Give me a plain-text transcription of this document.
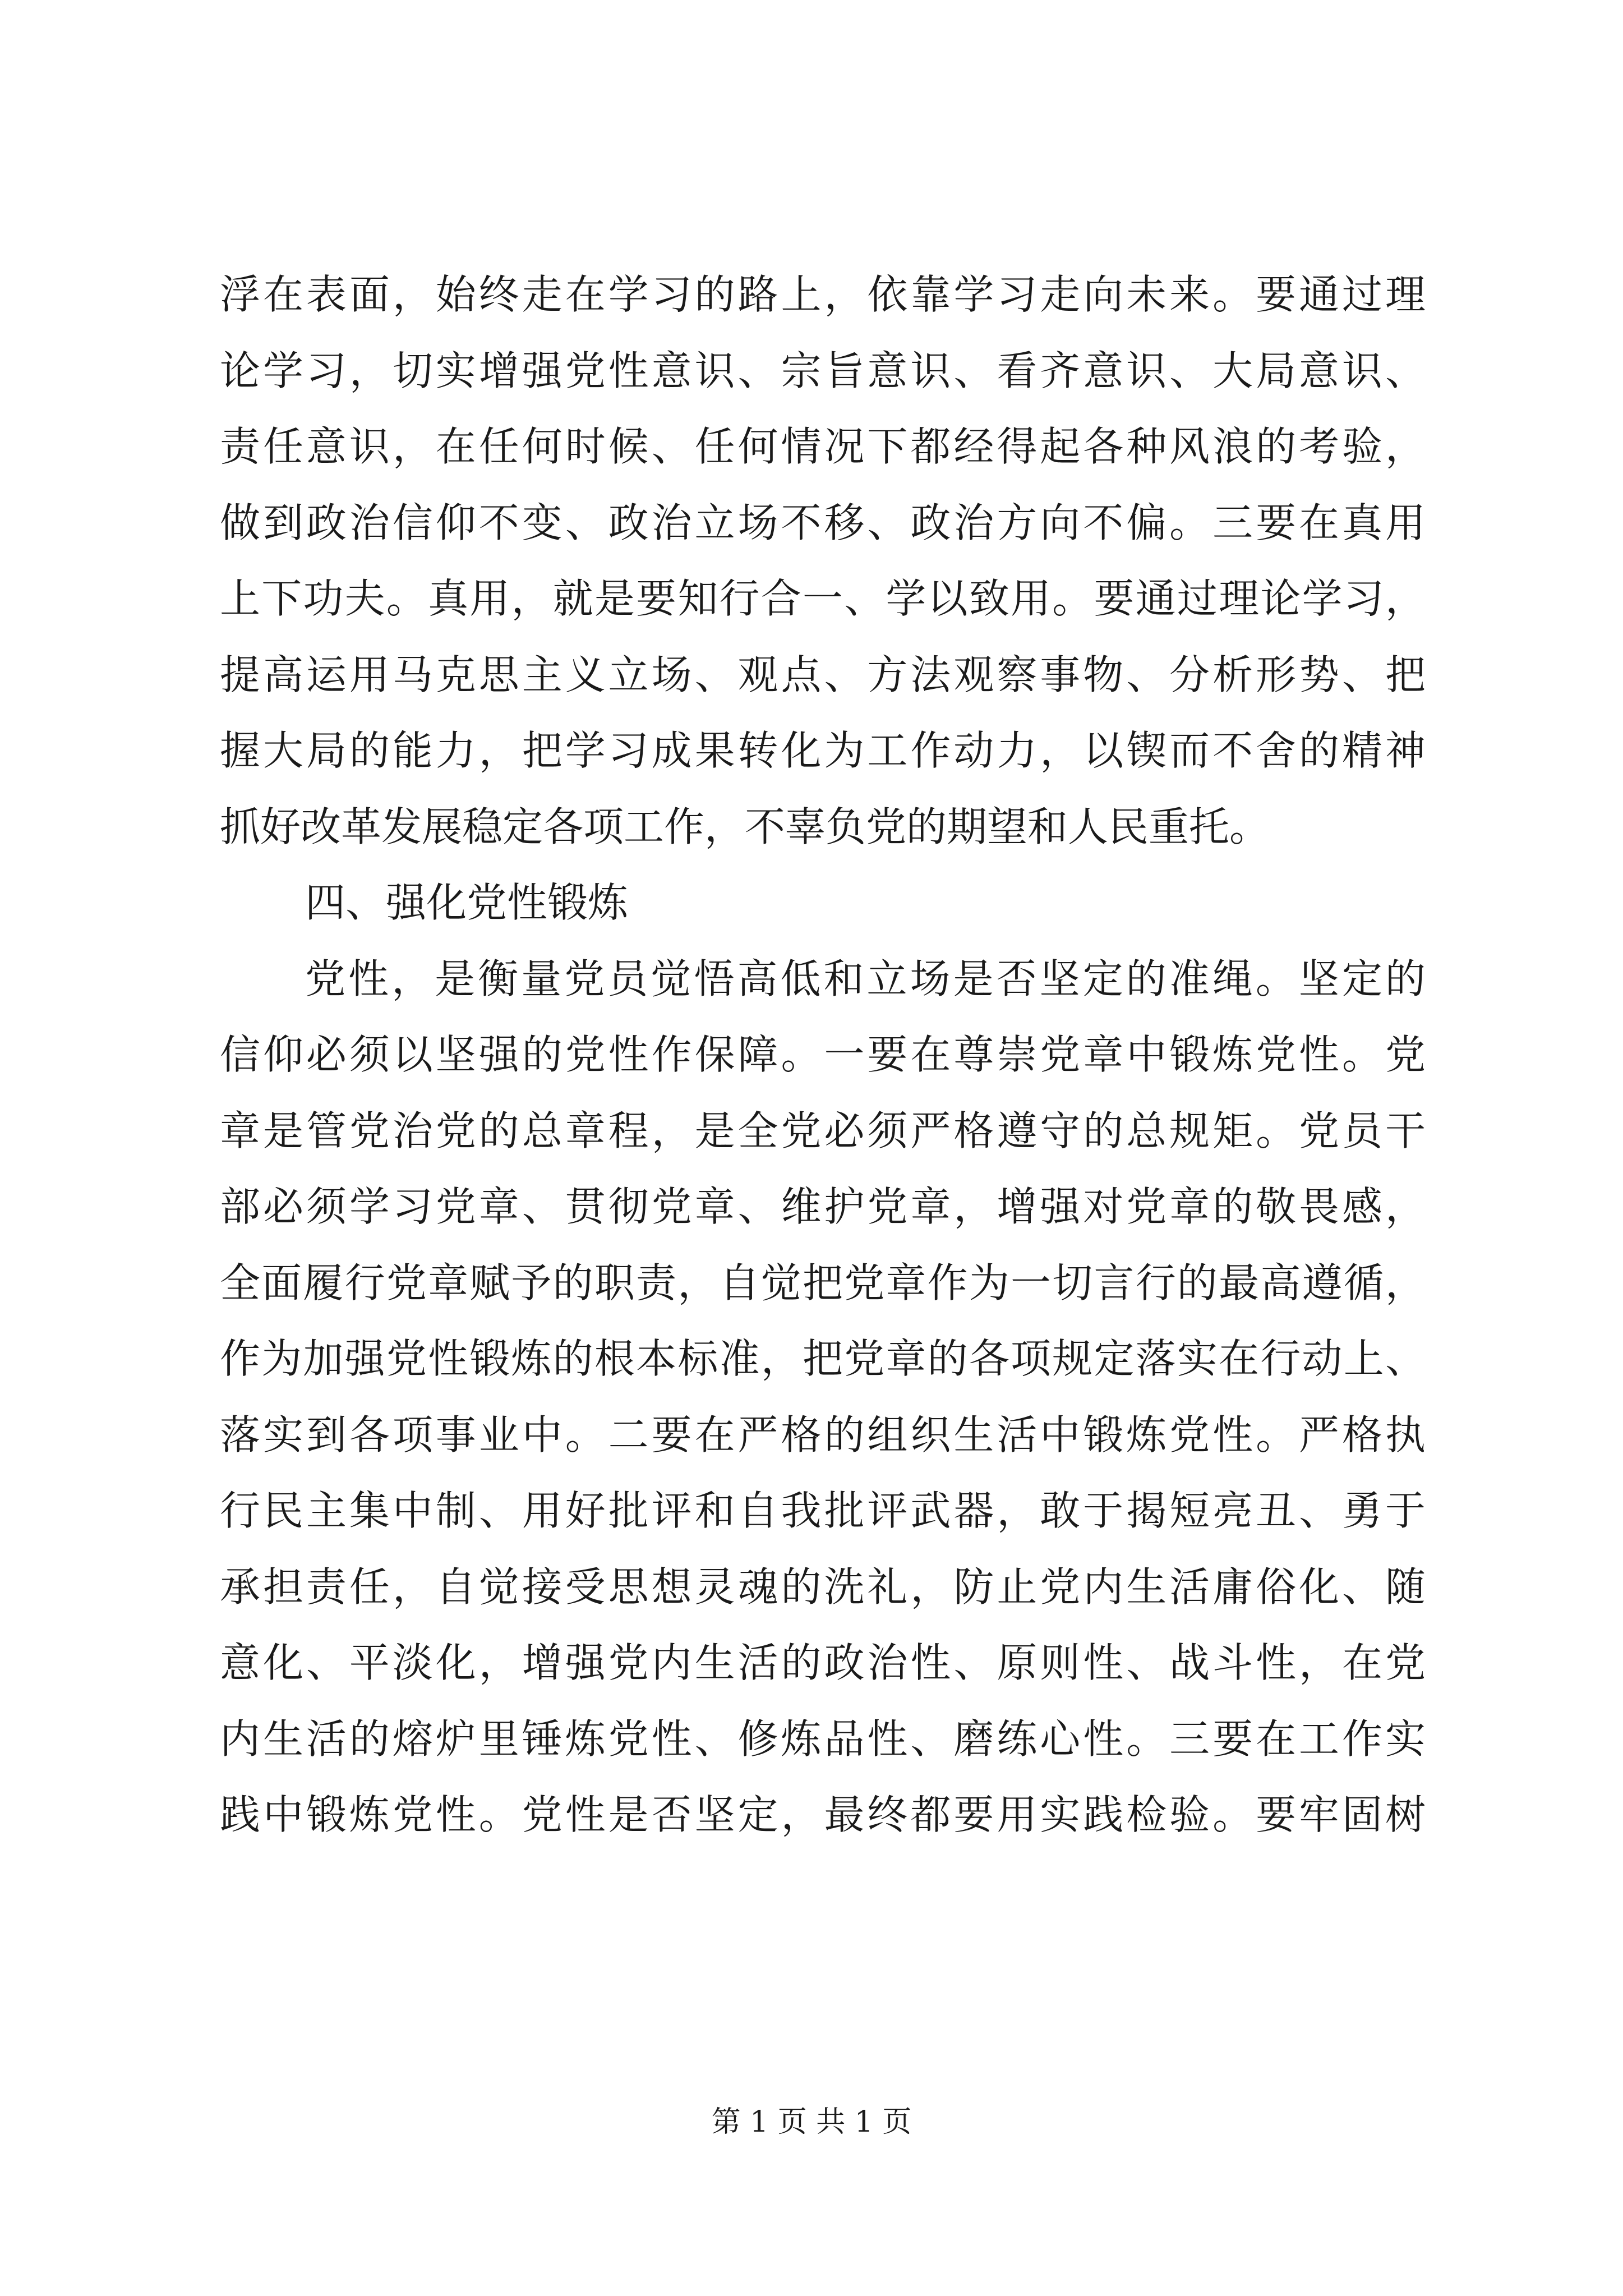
浮在表面，始终走在学习的路上，依靠学习走向未来。要通过理
论学习，切实增强党性意识、宗旨意识、看齐意识、大局意识、
责任意识，在任何时候、任何情况下都经得起各种风浪的考验，
做到政治信仰不变、政治立场不移、政治方向不偏。三要在真用
上下功夫。真用，就是要知行合一、学以致用。要通过理论学习，
提高运用马克思主义立场、观点、方法观察事物、分析形势、把
握大局的能力，把学习成果转化为工作动力，以锲而不舍的精神
抓好改革发展稳定各项工作，不辜负党的期望和人民重托。
四、强化党性锻炼
党性，是衡量党员觉悟高低和立场是否坚定的准绳。坚定的
信仰必须以坚强的党性作保障。一要在尊崇党章中锻炼党性。党
章是管党治党的总章程，是全党必须严格遵守的总规矩。党员干
部必须学习党章、贯彻党章、维护党章，增强对党章的敬畏感，
全面履行党章赋予的职责，自觉把党章作为一切言行的最高遵循，
作为加强党性锻炼的根本标准，把党章的各项规定落实在行动上、
落实到各项事业中。二要在严格的组织生活中锻炼党性。严格执
行民主集中制、用好批评和自我批评武器，敢于揭短亮丑、勇于
承担责任，自觉接受思想灵魂的洗礼，防止党内生活庸俗化、随
意化、平淡化，增强党内生活的政治性、原则性、战斗性，在党
内生活的熔炉里锤炼党性、修炼品性、磨练心性。三要在工作实
践中锻炼党性。党性是否坚定，最终都要用实践检验。要牢固树
第 1 页 共 1 页
